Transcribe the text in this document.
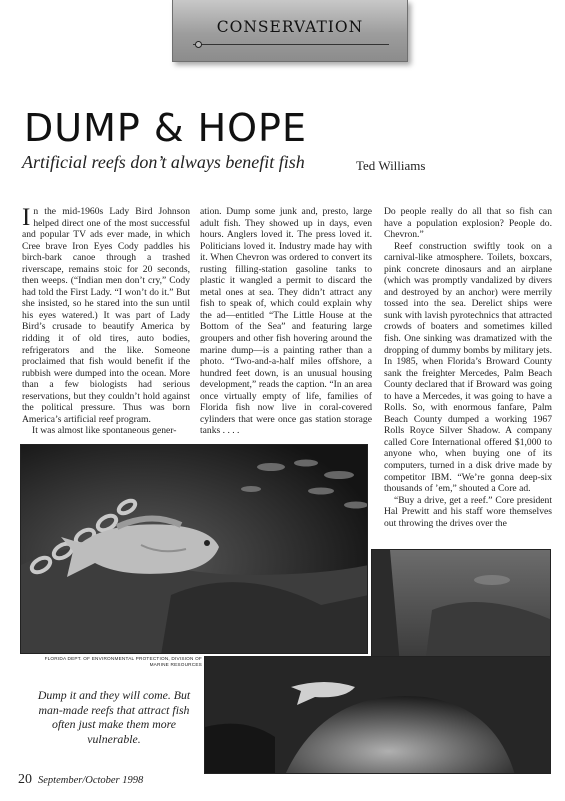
CONSERVATION
DUMP & HOPE
Artificial reefs don’t always benefit fish	Ted Williams

In the mid-1960s Lady Bird Johnson helped direct one of the most successful and popular TV ads ever made, in which Cree brave Iron Eyes Cody paddles his birch-bark canoe through a trashed riverscape, remains stoic for 20 seconds, then weeps. (“Indian men don’t cry,” Cody had told the First Lady. “I won’t do it.” But she insisted, so he stared into the sun until his eyes watered.) It was part of Lady Bird’s crusade to beautify America by ridding it of old tires, auto bodies, refrigerators and the like. Someone proclaimed that fish would benefit if the rubbish were dumped into the ocean. More than a few biologists had serious reservations, but they couldn’t hold against the political pressure. Thus was born America’s artificial reef program.

It was almost like spontaneous gener-

ation. Dump some junk and, presto, large adult fish. They showed up in days, even hours. Anglers loved it. The press loved it. Politicians loved it. Industry made hay with it. When Chevron was ordered to convert its rusting filling-station gasoline tanks to plastic it wangled a permit to discard the metal ones at sea. They didn’t attract any fish to speak of, which could explain why the ad—entitled “The Little House at the Bottom of the Sea” and featuring large groupers and other fish hovering around the marine dump—is a painting rather than a photo. “Two-and-a-half miles offshore, a hundred feet down, is an unusual housing development,” reads the caption. “In an area once virtually empty of life, families of Florida fish now live in coral-covered cylinders that were once gas station storage tanks . . . .

Do people really do all that so fish can have a population explosion? People do. Chevron.”

Reef construction swiftly took on a carnival-like atmosphere. Toilets, boxcars, pink concrete dinosaurs and an airplane (which was promptly vandalized by divers and destroyed by an anchor) were merrily tossed into the sea. Derelict ships were sunk with lavish pyrotechnics that attracted crowds of boaters and sometimes killed fish. One sinking was dramatized with the dropping of dummy bombs by military jets. In 1985, when Florida’s Broward County sank the freighter Mercedes, Palm Beach County declared that if Broward was going to have a Mercedes, it was going to have a Rolls. So, with enormous fanfare, Palm Beach County dumped a working 1967 Rolls Royce Silver Shadow. A company called Core International offered $1,000 to anyone who, when buying one of its computers, turned in a disk drive made by competitor IBM. “We’re gonna deep-six thousands of ’em,” shouted a Core ad.

“Buy a drive, get a reef.” Core president Hal Prewitt and his staff wore themselves out throwing the drives over the

FLORIDA DEPT. OF ENVIRONMENTAL PROTECTION, DIVISION OF MARINE RESOURCES
Dump it and they will come. But man-made reefs that attract fish often just make them more vulnerable.
20 September/October 1998
